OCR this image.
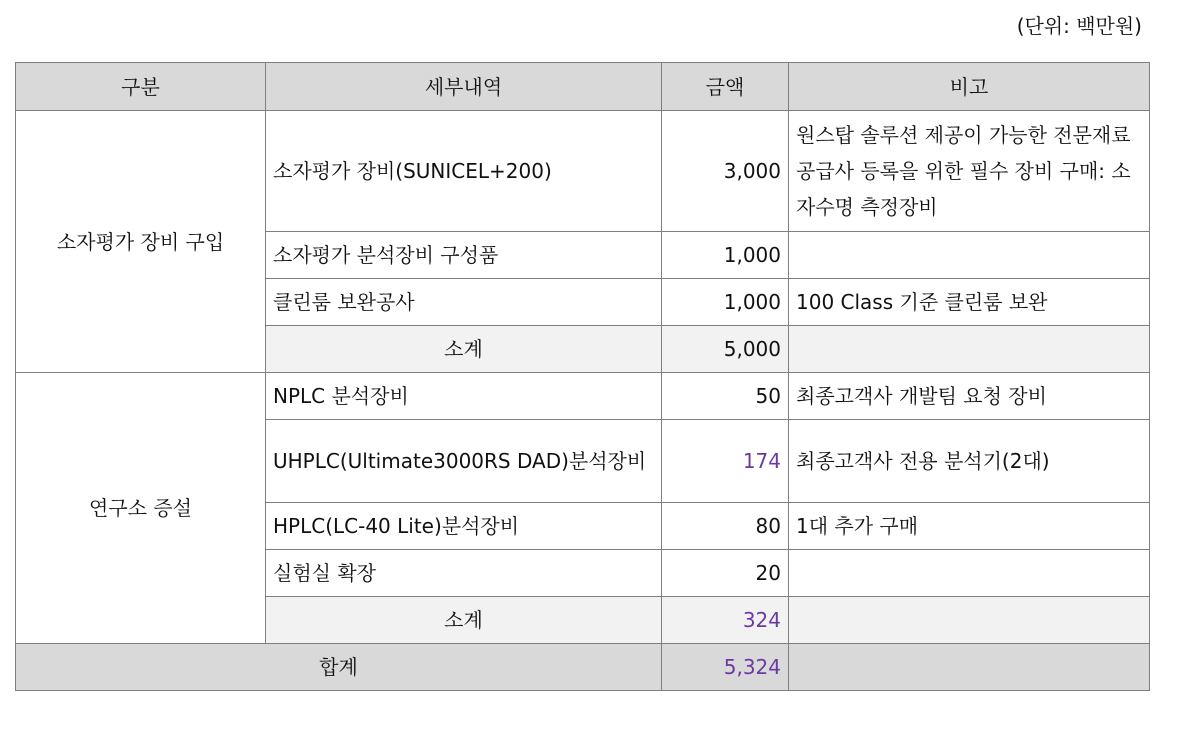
(단위: 백만원)
구분	세부내역	금액	비고
소자평가 장비 구입	소자평가 장비(SUNICEL+200)	3,000	원스탑 솔루션 제공이 가능한 전문재료공급사 등록을 위한 필수 장비 구매: 소자수명 측정장비
	소자평가 분석장비 구성품	1,000	
	클린룸 보완공사	1,000	100 Class 기준 클린룸 보완
	소계	5,000	
연구소 증설	NPLC 분석장비	50	최종고객사 개발팀 요청 장비
	UHPLC(Ultimate3000RS DAD)분석장비	174	최종고객사 전용 분석기(2대)
	HPLC(LC-40 Lite)분석장비	80	1대 추가 구매
	실험실 확장	20	
	소계	324	
합계		5,324	
